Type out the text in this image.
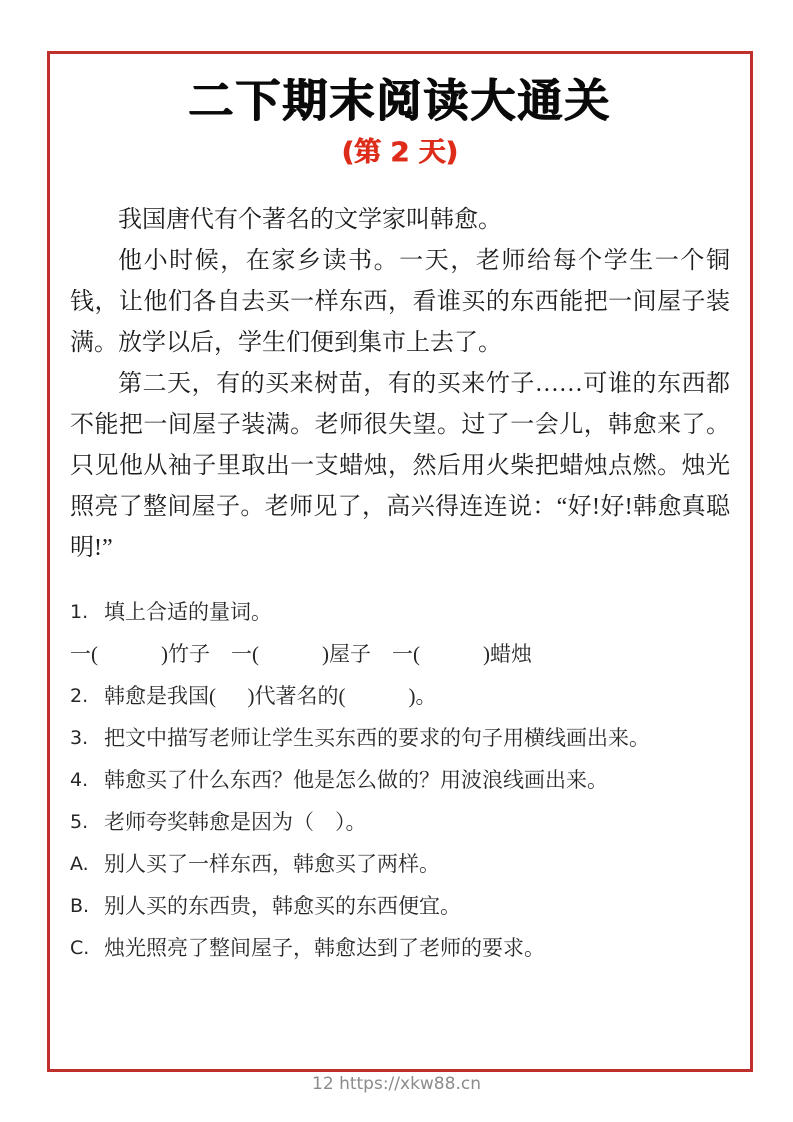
二下期末阅读大通关
(第 2 天)

我国唐代有个著名的文学家叫韩愈。

他小时候，在家乡读书。一天，老师给每个学生一个铜钱，让他们各自去买一样东西，看谁买的东西能把一间屋子装满。放学以后，学生们便到集市上去了。

第二天，有的买来树苗，有的买来竹子……可谁的东西都不能把一间屋子装满。老师很失望。过了一会儿，韩愈来了。只见他从袖子里取出一支蜡烛，然后用火柴把蜡烛点燃。烛光照亮了整间屋子。老师见了，高兴得连连说：“好!好!韩愈真聪明!”

1. 填上合适的量词。
一(            )竹子　一(            )屋子　一(            )蜡烛
2. 韩愈是我国(      )代著名的(            )。
3. 把文中描写老师让学生买东西的要求的句子用横线画出来。
4. 韩愈买了什么东西？他是怎么做的？用波浪线画出来。
5. 老师夸奖韩愈是因为（　）。
A. 别人买了一样东西，韩愈买了两样。
B. 别人买的东西贵，韩愈买的东西便宜。
C. 烛光照亮了整间屋子，韩愈达到了老师的要求。
12 https://xkw88.cn
